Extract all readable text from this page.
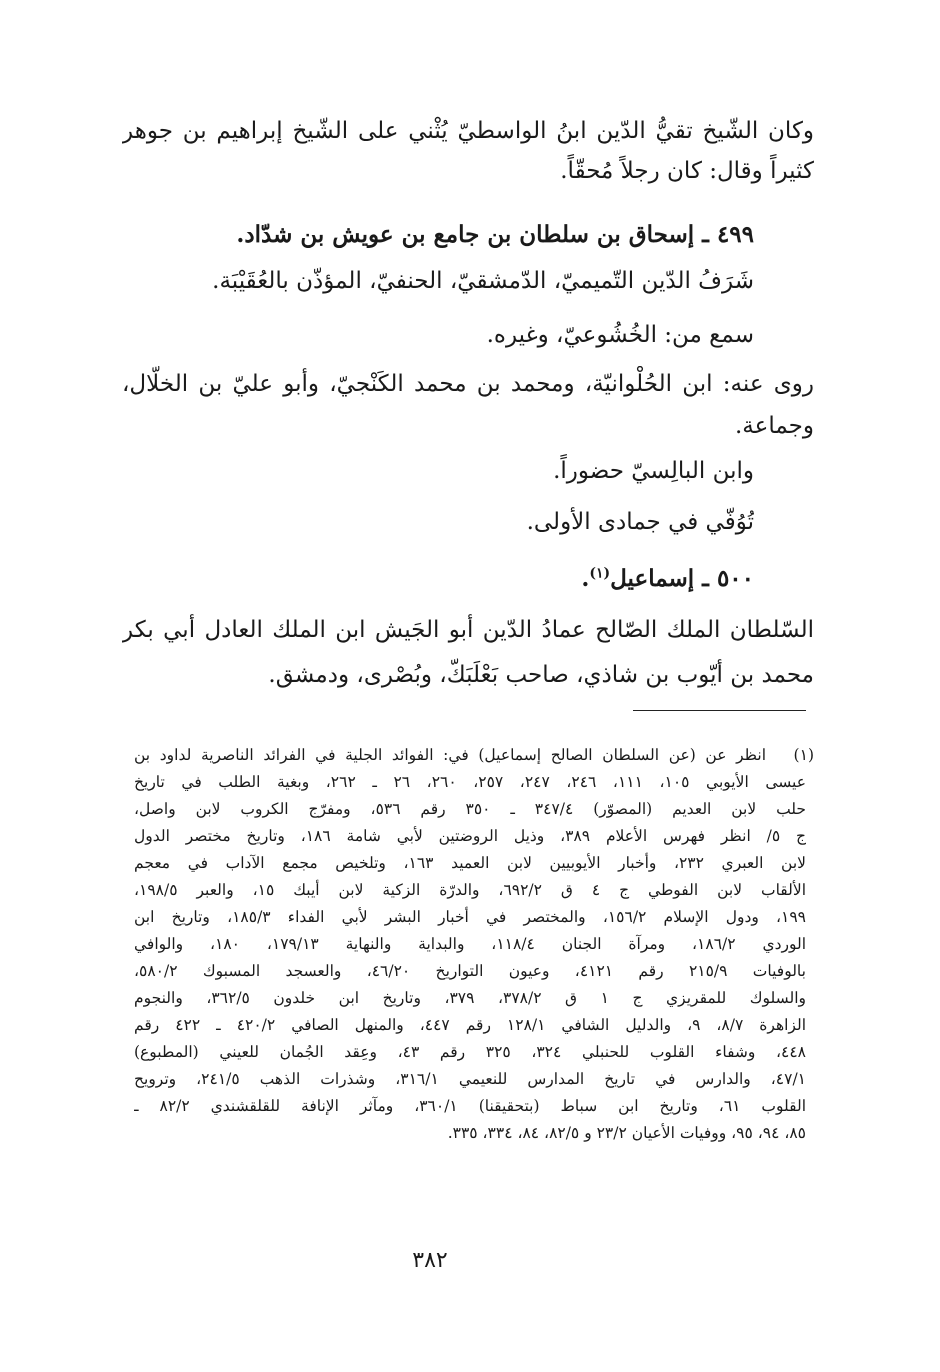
وكان الشّيخ تقيُّ الدّين ابنُ الواسطيّ يُثْني على الشّيخ إبراهيم بن جوهر
كثيراً وقال: كان رجلاً مُحقّاً.
٤٩٩ ـ إسحاق بن سلطان بن جامع بن عويش بن شدّاد.
شَرَفُ الدّين التّميميّ، الدّمشقيّ، الحنفيّ، المؤذّن بالعُقَيْبَة.
سمع من: الخُشُوعيّ، وغيره.
روى عنه: ابن الحُلْوانيّة، ومحمد بن محمد الكَنْجيّ، وأبو عليّ بن الخلّال،
وجماعة.
وابن البالِسيّ حضوراً.
تُوُفّي في جمادى الأولى.
٥٠٠ ـ إسماعيل$^{(١)}$.
السّلطان الملك الصّالح عمادُ الدّين أبو الجَيش ابن الملك العادل أبي بكر
محمد بن أيّوب بن شاذي، صاحب بَعْلَبَكّ، وبُصْرى، ودمشق.
(١)
انظر عن (عن السلطان الصالح إسماعيل) في: الفوائد الجلية في الفرائد الناصرية لداود بن
عيسى الأيوبي ١٠٥، ١١١، ٢٤٦، ٢٤٧، ٢٥٧، ٢٦٠، ٢٦ ـ ٢٦٢، وبغية الطلب في تاريخ
حلب لابن العديم (المصوّر) ٣٤٧/٤ ـ ٣٥٠ رقم ٥٣٦، ومفرّج الكروب لابن واصل،
ج ٥/ انظر فهرس الأعلام ٣٨٩، وذيل الروضتين لأبي شامة ١٨٦، وتاريخ مختصر الدول
لابن العبري ٢٣٢، وأخبار الأيوبيين لابن العميد ١٦٣، وتلخيص مجمع الآداب في معجم
الألقاب لابن الفوطي ج ٤ ق ٦٩٢/٢، والدرّة الزكية لابن أيبك ١٥، والعبر ١٩٨/٥،
١٩٩، ودول الإسلام ١٥٦/٢، والمختصر في أخبار البشر لأبي الفداء ١٨٥/٣، وتاريخ ابن
الوردي ١٨٦/٢، ومرآة الجنان ١١٨/٤، والبداية والنهاية ١٧٩/١٣، ١٨٠، والوافي
بالوفيات ٢١٥/٩ رقم ٤١٢١، وعيون التواريخ ٤٦/٢٠، والعسجد المسبوك ٥٨٠/٢،
والسلوك للمقريزي ج ١ ق ٣٧٨/٢، ٣٧٩، وتاريخ ابن خلدون ٣٦٢/٥، والنجوم
الزاهرة ٨/٧، ٩، والدليل الشافي ١٢٨/١ رقم ٤٤٧، والمنهل الصافي ٤٢٠/٢ ـ ٤٢٢ رقم
٤٤٨، وشفاء القلوب للحنبلي ٣٢٤، ٣٢٥ رقم ٤٣، وعِقد الجُمان للعيني (المطبوع)
٤٧/١، والدارس في تاريخ المدارس للنعيمي ٣١٦/١، وشذرات الذهب ٢٤١/٥، وترويح
القلوب ٦١، وتاريخ ابن سباط (بتحقيقنا) ٣٦٠/١، ومآثر الإنافة للقلقشندي ٨٢/٢ ـ
٨٥، ٩٤، ٩٥، ووفيات الأعيان ٢٣/٢ و ٨٢/٥، ٨٤، ٣٣٤، ٣٣٥.
٣٨٢
